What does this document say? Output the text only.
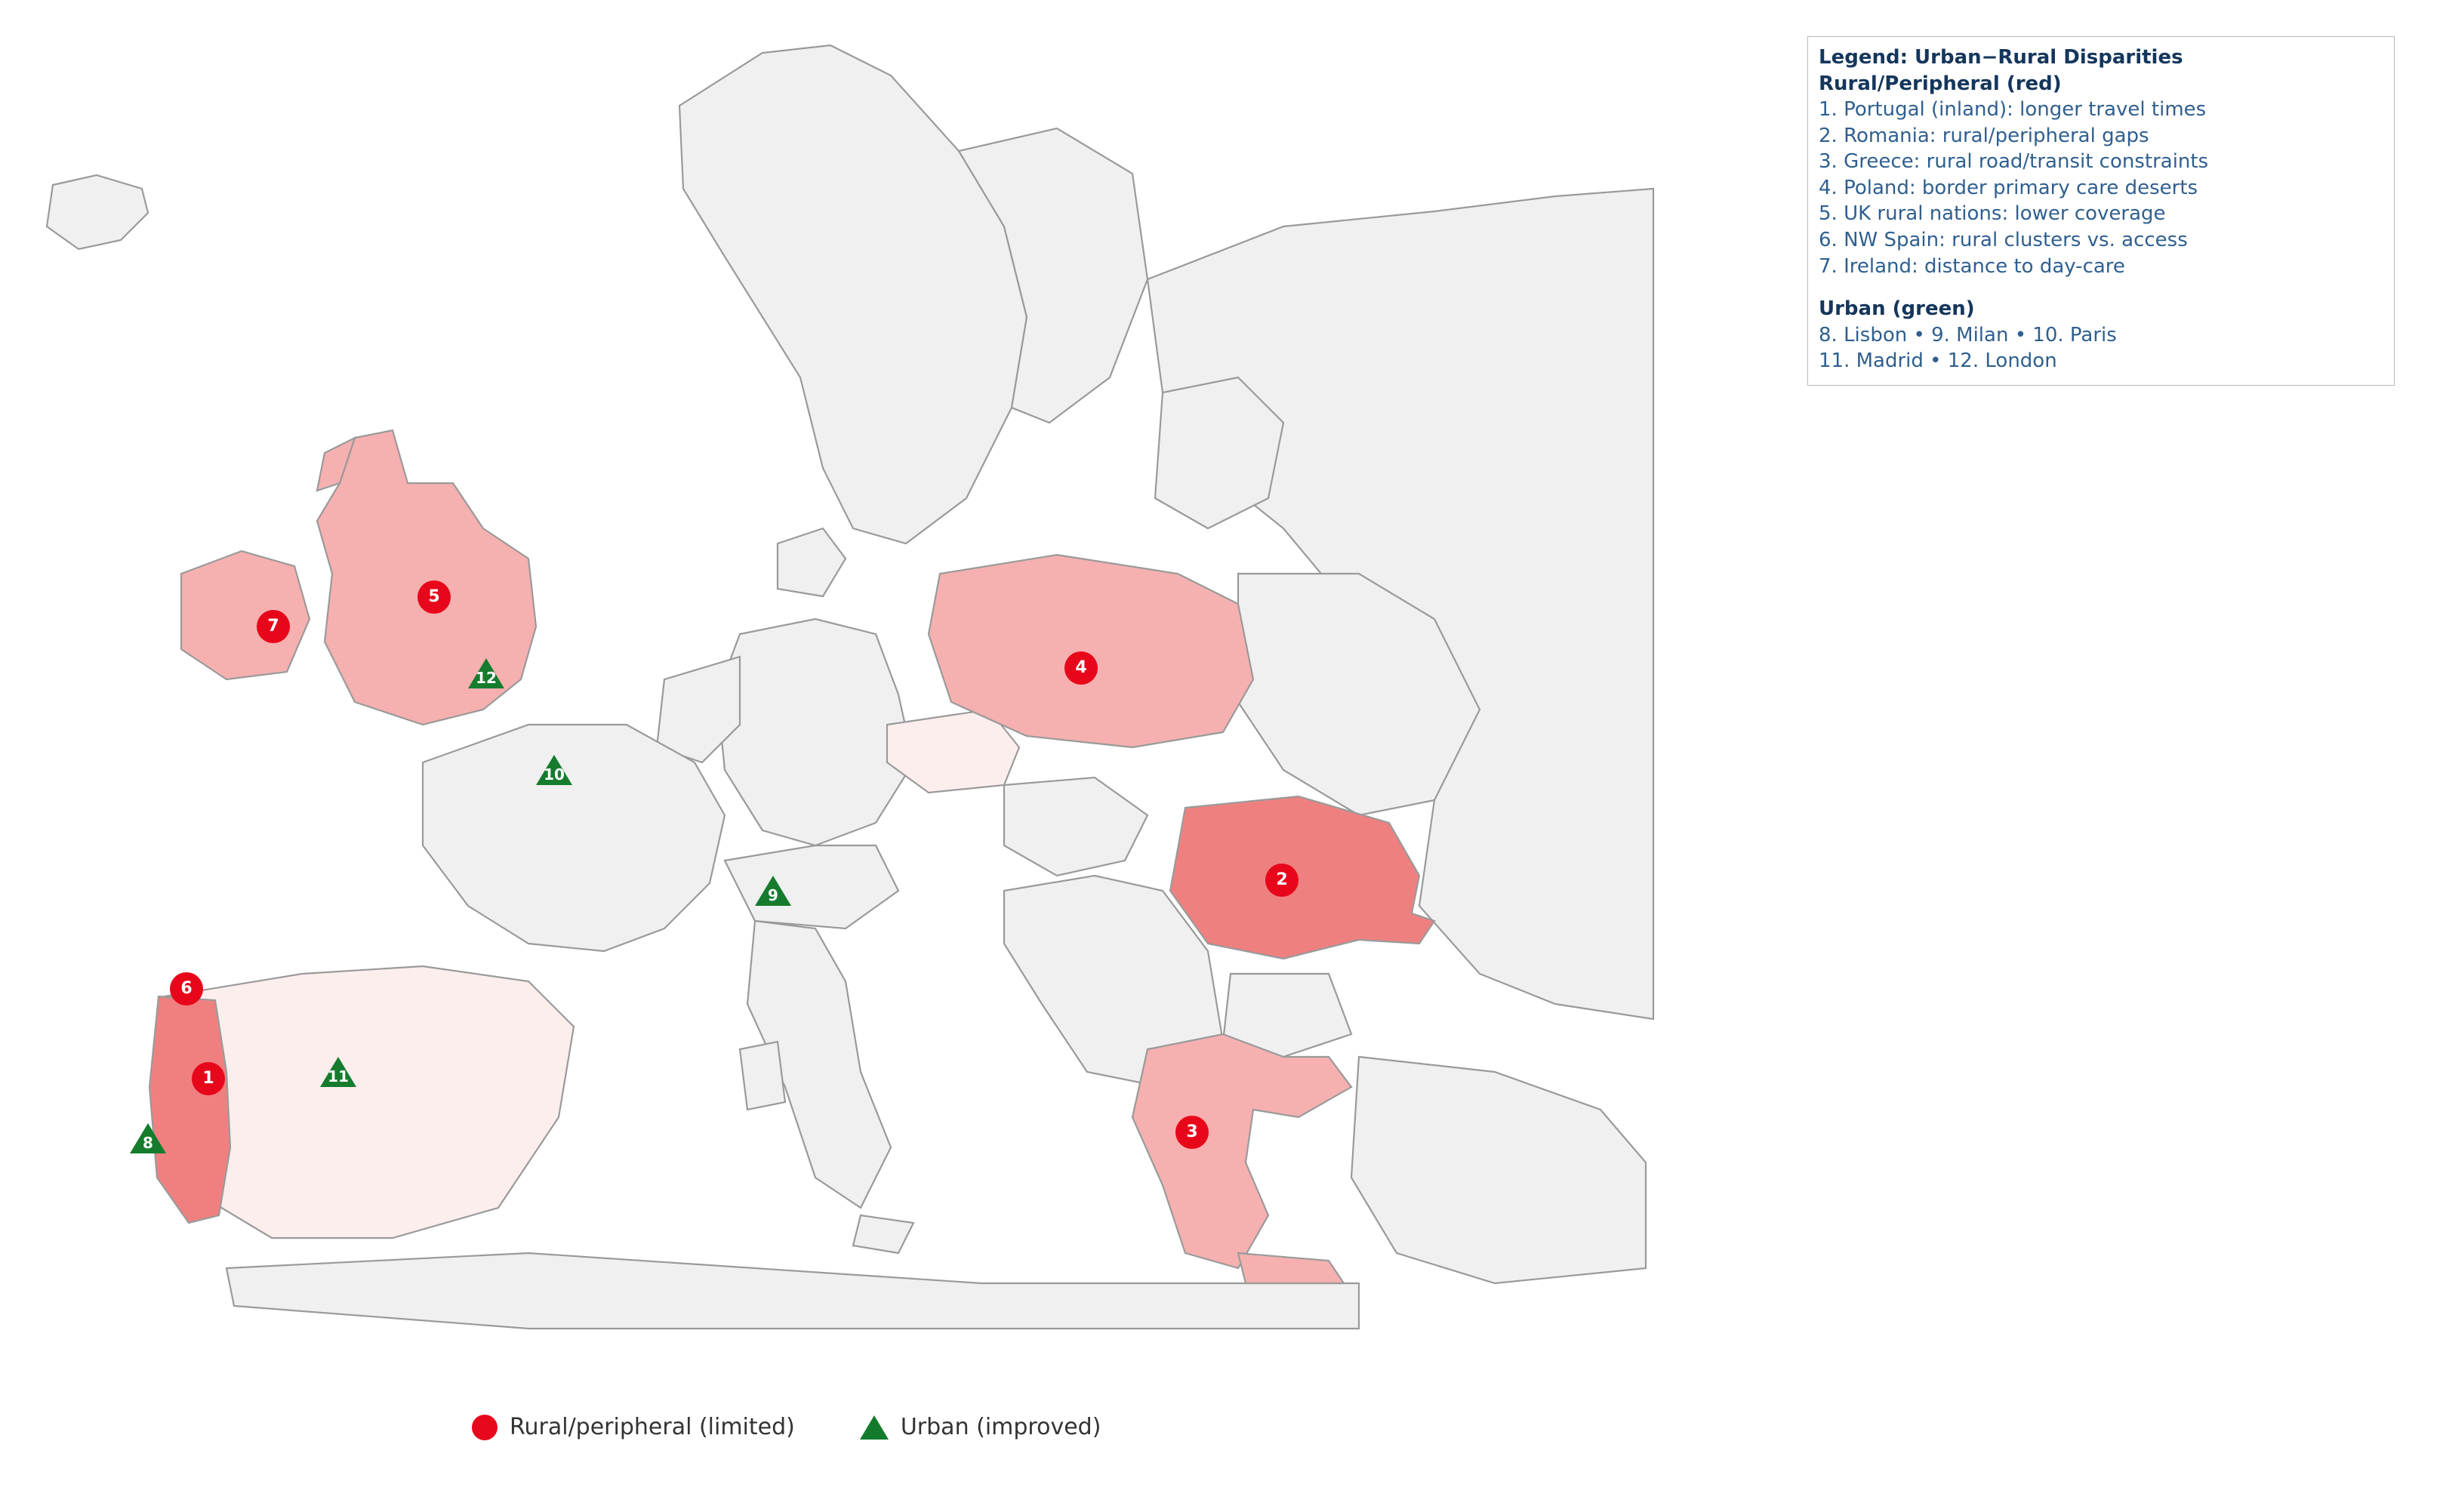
1
2
3
4
5
6
7
8
9
10
11
12
Legend: Urban−Rural Disparities
Rural/Peripheral (red)
1. Portugal (inland): longer travel times
2. Romania: rural/peripheral gaps
3. Greece: rural road/transit constraints
4. Poland: border primary care deserts
5. UK rural nations: lower coverage
6. NW Spain: rural clusters vs. access
7. Ireland: distance to day-care
Urban (green)
8. Lisbon • 9. Milan • 10. Paris
11. Madrid • 12. London
Rural/peripheral (limited)	Urban (improved)
